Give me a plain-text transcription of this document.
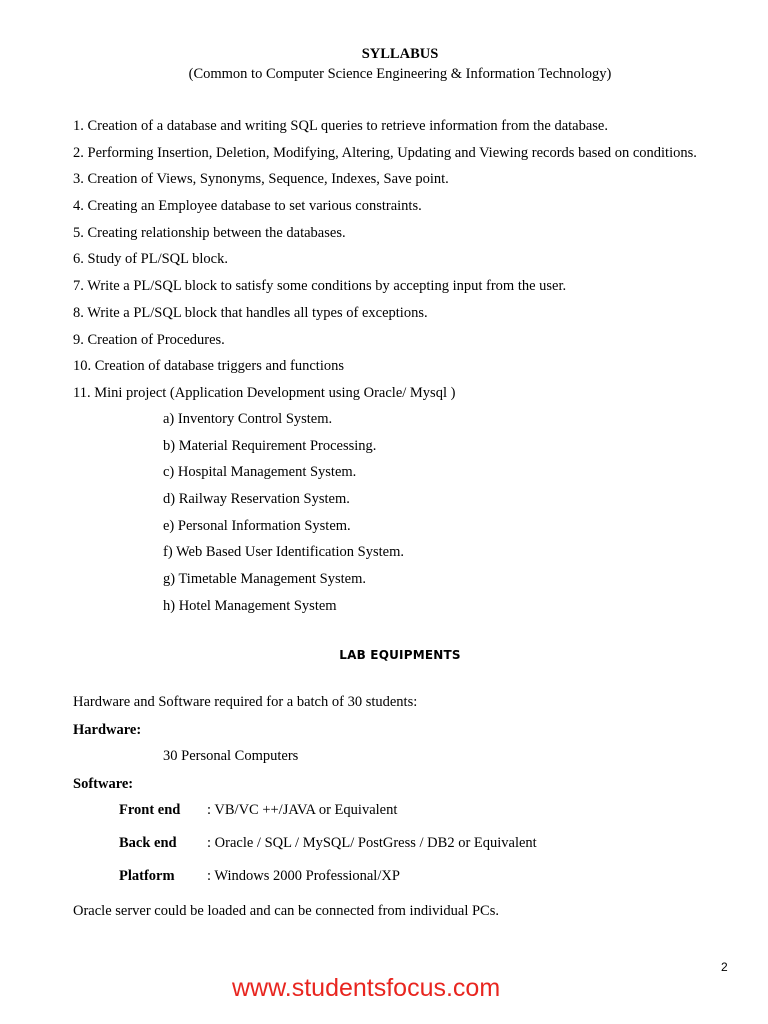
SYLLABUS
(Common to Computer Science Engineering & Information Technology)
1. Creation of a database and writing SQL queries to retrieve information from the database.
2. Performing Insertion, Deletion, Modifying, Altering, Updating and Viewing records based on conditions.
3. Creation of Views, Synonyms, Sequence, Indexes, Save point.
4. Creating an Employee database to set various constraints.
5. Creating relationship between the databases.
6. Study of PL/SQL block.
7. Write a PL/SQL block to satisfy some conditions by accepting input from the user.
8. Write a PL/SQL block that handles all types of exceptions.
9. Creation of Procedures.
10. Creation of database triggers and functions
11. Mini project (Application Development using Oracle/ Mysql )
a) Inventory Control System.
b) Material Requirement Processing.
c) Hospital Management System.
d) Railway Reservation System.
e) Personal Information System.
f) Web Based User Identification System.
g) Timetable Management System.
h) Hotel Management System
LAB EQUIPMENTS
Hardware and Software required for a batch of 30 students:
Hardware:
30 Personal Computers
Software:
Front end : VB/VC ++/JAVA or Equivalent
Back end : Oracle / SQL / MySQL/ PostGress / DB2 or Equivalent
Platform : Windows 2000 Professional/XP
Oracle server could be loaded and can be connected from individual PCs.
2
www.studentsfocus.com
